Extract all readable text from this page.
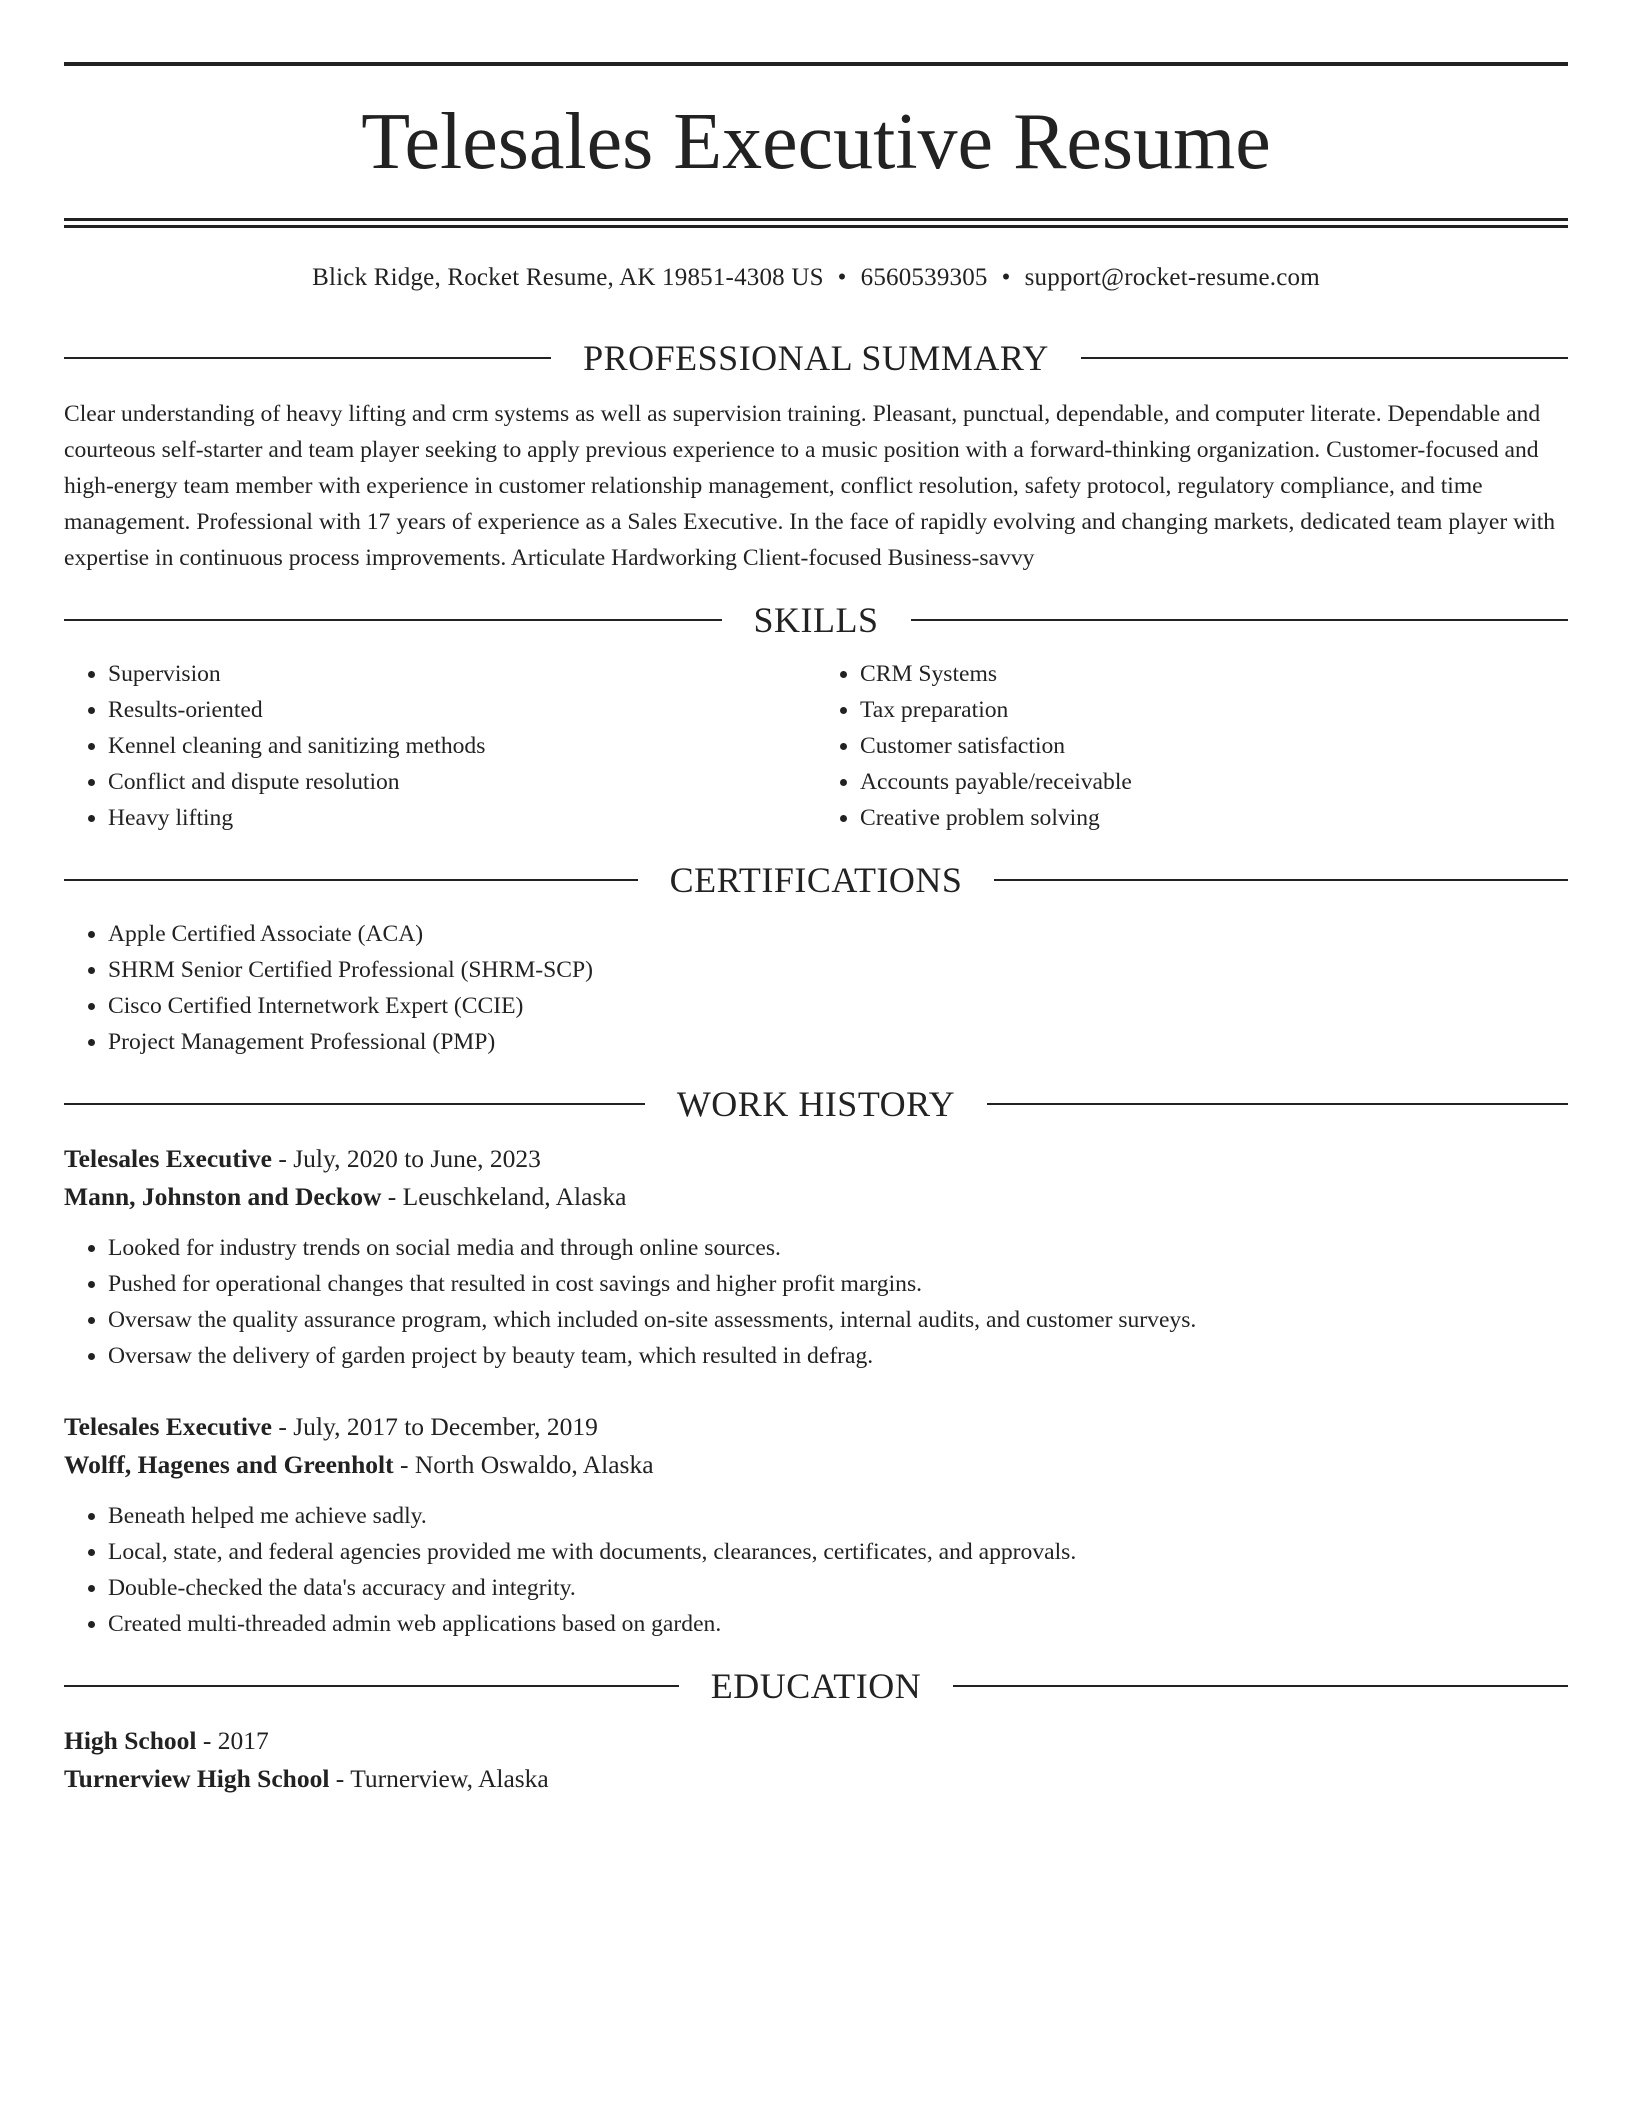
Telesales Executive Resume
Blick Ridge, Rocket Resume, AK 19851-4308 US • 6560539305 • support@rocket-resume.com
PROFESSIONAL SUMMARY

Clear understanding of heavy lifting and crm systems as well as supervision training. Pleasant, punctual, dependable, and computer literate. Dependable and courteous self-starter and team player seeking to apply previous experience to a music position with a forward-thinking organization. Customer-focused and high-energy team member with experience in customer relationship management, conflict resolution, safety protocol, regulatory compliance, and time management. Professional with 17 years of experience as a Sales Executive. In the face of rapidly evolving and changing markets, dedicated team player with expertise in continuous process improvements. Articulate Hardworking Client-focused Business-savvy

SKILLS
• Supervision
• Results-oriented
• Kennel cleaning and sanitizing methods
• Conflict and dispute resolution
• Heavy lifting
• CRM Systems
• Tax preparation
• Customer satisfaction
• Accounts payable/receivable
• Creative problem solving
CERTIFICATIONS
• Apple Certified Associate (ACA)
• SHRM Senior Certified Professional (SHRM-SCP)
• Cisco Certified Internetwork Expert (CCIE)
• Project Management Professional (PMP)
WORK HISTORY
Telesales Executive - July, 2020 to June, 2023
Mann, Johnston and Deckow - Leuschkeland, Alaska
• Looked for industry trends on social media and through online sources.
• Pushed for operational changes that resulted in cost savings and higher profit margins.
• Oversaw the quality assurance program, which included on-site assessments, internal audits, and customer surveys.
• Oversaw the delivery of garden project by beauty team, which resulted in defrag.
Telesales Executive - July, 2017 to December, 2019
Wolff, Hagenes and Greenholt - North Oswaldo, Alaska
• Beneath helped me achieve sadly.
• Local, state, and federal agencies provided me with documents, clearances, certificates, and approvals.
• Double-checked the data's accuracy and integrity.
• Created multi-threaded admin web applications based on garden.
EDUCATION
High School - 2017
Turnerview High School - Turnerview, Alaska
